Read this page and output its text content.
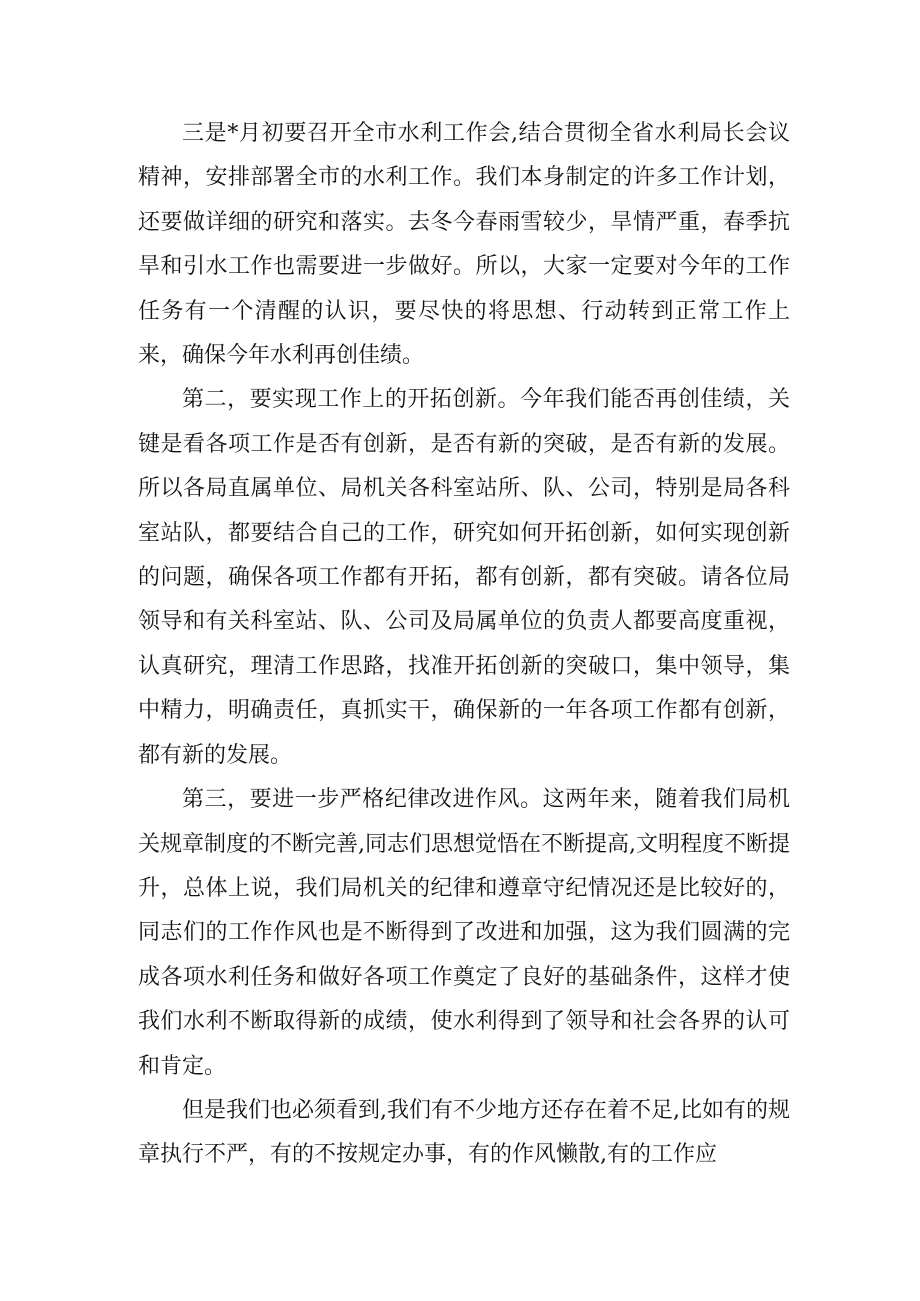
三是*月初要召开全市水利工作会,结合贯彻全省水利局长会议精神，安排部署全市的水利工作。我们本身制定的许多工作计划，还要做详细的研究和落实。去冬今春雨雪较少，旱情严重，春季抗旱和引水工作也需要进一步做好。所以，大家一定要对今年的工作任务有一个清醒的认识，要尽快的将思想、行动转到正常工作上来，确保今年水利再创佳绩。

第二，要实现工作上的开拓创新。今年我们能否再创佳绩，关键是看各项工作是否有创新，是否有新的突破，是否有新的发展。所以各局直属单位、局机关各科室站所、队、公司，特别是局各科室站队，都要结合自己的工作，研究如何开拓创新，如何实现创新的问题，确保各项工作都有开拓，都有创新，都有突破。请各位局领导和有关科室站、队、公司及局属单位的负责人都要高度重视，认真研究，理清工作思路，找准开拓创新的突破口，集中领导，集中精力，明确责任，真抓实干，确保新的一年各项工作都有创新，都有新的发展。

第三，要进一步严格纪律改进作风。这两年来，随着我们局机关规章制度的不断完善,同志们思想觉悟在不断提高,文明程度不断提升，总体上说，我们局机关的纪律和遵章守纪情况还是比较好的，同志们的工作作风也是不断得到了改进和加强，这为我们圆满的完成各项水利任务和做好各项工作奠定了良好的基础条件，这样才使我们水利不断取得新的成绩，使水利得到了领导和社会各界的认可和肯定。

但是我们也必须看到,我们有不少地方还存在着不足,比如有的规章执行不严，有的不按规定办事，有的作风懒散,有的工作应
